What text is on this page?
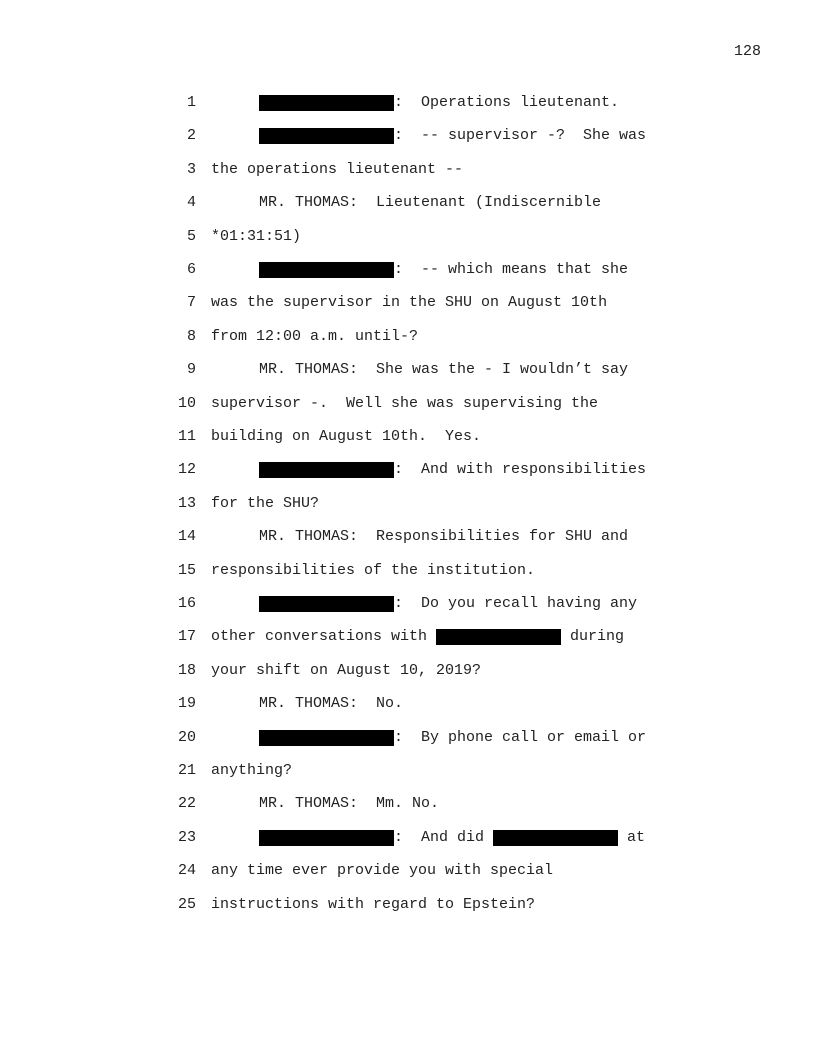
128
1	:  Operations lieutenant.
2	:  -- supervisor -?  She was
3 the operations lieutenant --
4	MR. THOMAS:  Lieutenant (Indiscernible
5 *01:31:51)
6	:  -- which means that she
7 was the supervisor in the SHU on August 10th
8 from 12:00 a.m. until-?
9	MR. THOMAS:  She was the - I wouldn’t say
10 supervisor -.  Well she was supervising the
11 building on August 10th.  Yes.
12	:  And with responsibilities
13 for the SHU?
14	MR. THOMAS:  Responsibilities for SHU and
15 responsibilities of the institution.
16	:  Do you recall having any
17 other conversations with	during
18 your shift on August 10, 2019?
19	MR. THOMAS:  No.
20	:  By phone call or email or
21 anything?
22	MR. THOMAS:  Mm. No.
23	:  And did	at
24 any time ever provide you with special
25 instructions with regard to Epstein?
